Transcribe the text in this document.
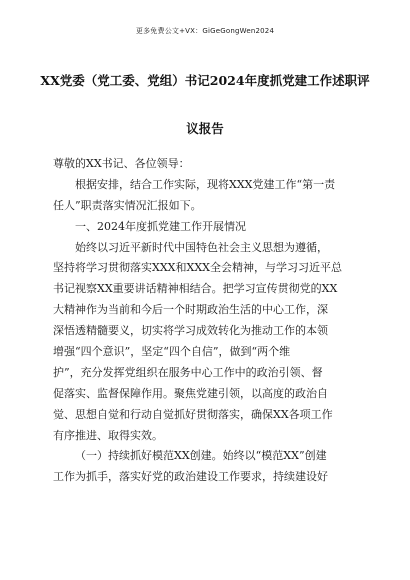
更多免费公文+VX：GiGeGongWen2024
XX党委（党工委、党组）书记2024年度抓党建工作述职评
议报告
尊敬的XX书记、各位领导：
根据安排，结合工作实际，现将XXX党建工作“第一责
任人”职责落实情况汇报如下。
一、2024年度抓党建工作开展情况
始终以习近平新时代中国特色社会主义思想为遵循，
坚持将学习贯彻落实XXX和XXX全会精神，与学习习近平总
书记视察XX重要讲话精神相结合。把学习宣传贯彻党的XX
大精神作为当前和今后一个时期政治生活的中心工作，深
深悟透精髓要义，切实将学习成效转化为推动工作的本领
增强“四个意识”，坚定“四个自信”，做到“两个维
护”，充分发挥党组织在服务中心工作中的政治引领、督
促落实、监督保障作用。聚焦党建引领，以高度的政治自
觉、思想自觉和行动自觉抓好贯彻落实，确保XX各项工作
有序推进、取得实效。
（一）持续抓好模范XX创建。始终以“模范XX”创建
工作为抓手，落实好党的政治建设工作要求，持续建设好
